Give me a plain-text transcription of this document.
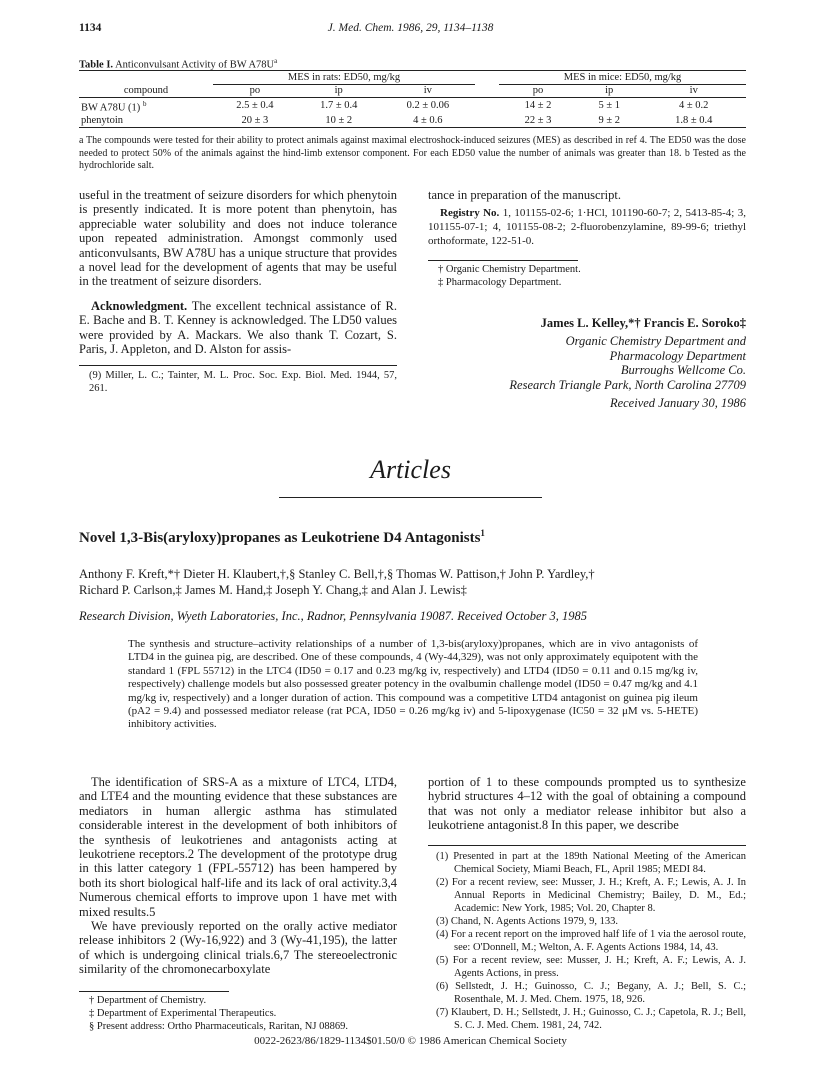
1134	J. Med. Chem. 1986, 29, 1134–1138
Table I. Anticonvulsant Activity of BW $A78U^a$
	MES in rats: ED50, mg/kg				MES in mice: ED50, mg/kg		
compound	po	ip	iv		po	ip	iv
BW A78U (1) $^b$	2.5 ± 0.4	1.7 ± 0.4	0.2 ± 0.06		14 ± 2	5 ± 1	4 ± 0.2
phenytoin	20 ± 3	10 ± 2	4 ± 0.6		22 ± 3	9 ± 2	1.8 ± 0.4
a The compounds were tested for their ability to protect animals against maximal electroshock-induced seizures (MES) as described in ref 4. The ED50 was the dose needed to protect 50% of the animals against the hind-limb extensor component. For each ED50 value the number of animals was greater than 18. b Tested as the hydrochloride salt.

useful in the treatment of seizure disorders for which phenytoin is presently indicated. It is more potent than phenytoin, has appreciable water solubility and does not induce tolerance upon repeated administration. Amongst commonly used anticonvulsants, BW A78U has a unique structure that provides a novel lead for the development of agents that may be useful in the treatment of seizure disorders.

Acknowledgment. The excellent technical assistance of R. E. Bache and B. T. Kenney is acknowledged. The LD50 values were provided by A. Mackars. We also thank T. Cozart, S. Paris, J. Appleton, and D. Alston for assis-

(9) Miller, L. C.; Tainter, M. L. Proc. Soc. Exp. Biol. Med. 1944, 57, 261.

tance in preparation of the manuscript.

Registry No. 1, 101155-02-6; 1·HCl, 101190-60-7; 2, 5413-85-4; 3, 101155-07-1; 4, 101155-08-2; 2-fluorobenzylamine, 89-99-6; triethyl orthoformate, 122-51-0.

† Organic Chemistry Department.
‡ Pharmacology Department.
James L. Kelley,*† Francis E. Soroko‡
Organic Chemistry Department and
Pharmacology Department
Burroughs Wellcome Co.
Research Triangle Park, North Carolina 27709
Received January 30, 1986
Articles
Novel 1,3-Bis(aryloxy)propanes as Leukotriene D4 Antagonists$^1$
Anthony F. Kreft,*† Dieter H. Klaubert,†,§ Stanley C. Bell,†,§ Thomas W. Pattison,† John P. Yardley,†
Richard P. Carlson,‡ James M. Hand,‡ Joseph Y. Chang,‡ and Alan J. Lewis‡
Research Division, Wyeth Laboratories, Inc., Radnor, Pennsylvania 19087. Received October 3, 1985
The synthesis and structure–activity relationships of a number of 1,3-bis(aryloxy)propanes, which are in vivo antagonists of LTD4 in the guinea pig, are described. One of these compounds, 4 (Wy-44,329), was not only approximately equipotent with the standard 1 (FPL 55712) in the LTC4 (ID50 = 0.17 and 0.23 mg/kg iv, respectively) and LTD4 (ID50 = 0.11 and 0.15 mg/kg iv, respectively) challenge models but also possessed greater potency in the ovalbumin challenge model (ID50 = 0.47 mg/kg and 4.1 mg/kg iv, respectively) and a longer duration of action. This compound was a competitive LTD4 antagonist on guinea pig ileum (pA2 = 9.4) and possessed mediator release (rat PCA, ID50 = 0.26 mg/kg iv) and 5-lipoxygenase (IC50 = 32 μM vs. 5-HETE) inhibitory activities.

The identification of SRS-A as a mixture of LTC4, LTD4, and LTE4 and the mounting evidence that these substances are mediators in human allergic asthma has stimulated considerable interest in the development of both inhibitors of the synthesis of leukotrienes and antagonists acting at leukotriene receptors.2 The development of the prototype drug in this latter category 1 (FPL-55712) has been hampered by both its short biological half-life and its lack of oral activity.3,4 Numerous chemical efforts to improve upon 1 have met with mixed results.5

We have previously reported on the orally active mediator release inhibitors 2 (Wy-16,922) and 3 (Wy-41,195), the latter of which is undergoing clinical trials.6,7 The stereoelectronic similarity of the chromonecarboxylate

† Department of Chemistry.
‡ Department of Experimental Therapeutics.
§ Present address: Ortho Pharmaceuticals, Raritan, NJ 08869.

portion of 1 to these compounds prompted us to synthesize hybrid structures 4–12 with the goal of obtaining a compound that was not only a mediator release inhibitor but also a leukotriene antagonist.8 In this paper, we describe

(1) Presented in part at the 189th National Meeting of the American Chemical Society, Miami Beach, FL, April 1985; MEDI 84.
(2) For a recent review, see: Musser, J. H.; Kreft, A. F.; Lewis, A. J. In Annual Reports in Medicinal Chemistry; Bailey, D. M., Ed.; Academic: New York, 1985; Vol. 20, Chapter 8.
(3) Chand, N. Agents Actions 1979, 9, 133.
(4) For a recent report on the improved half life of 1 via the aerosol route, see: O'Donnell, M.; Welton, A. F. Agents Actions 1984, 14, 43.
(5) For a recent review, see: Musser, J. H.; Kreft, A. F.; Lewis, A. J. Agents Actions, in press.
(6) Sellstedt, J. H.; Guinosso, C. J.; Begany, A. J.; Bell, S. C.; Rosenthale, M. J. Med. Chem. 1975, 18, 926.
(7) Klaubert, D. H.; Sellstedt, J. H.; Guinosso, C. J.; Capetola, R. J.; Bell, S. C. J. Med. Chem. 1981, 24, 742.
0022-2623/86/1829-1134$01.50/0 © 1986 American Chemical Society
